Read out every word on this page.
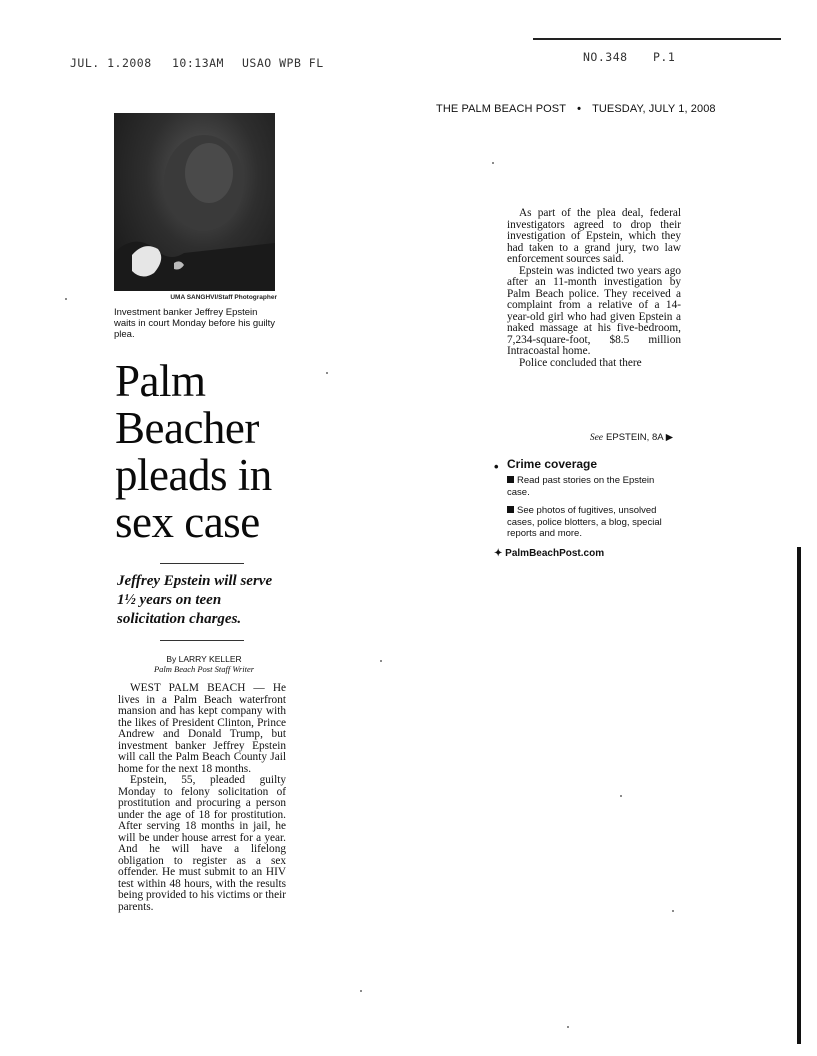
JUL. 1.2008 10:13AM USAO WPB FL	NO.348 P.1
THE PALM BEACH POST • TUESDAY, JULY 1, 2008
UMA SANGHVI/Staff Photographer
Investment banker Jeffrey Epstein waits in court Monday before his guilty plea.
Palm
Beacher
pleads in
sex case
Jeffrey Epstein will serve 1½ years on teen solicitation charges.
By LARRY KELLER
Palm Beach Post Staff Writer

WEST PALM BEACH — He lives in a Palm Beach waterfront mansion and has kept company with the likes of President Clinton, Prince Andrew and Donald Trump, but investment banker Jeffrey Epstein will call the Palm Beach County Jail home for the next 18 months.

Epstein, 55, pleaded guilty Monday to felony solicitation of prostitution and procuring a person under the age of 18 for prostitution. After serving 18 months in jail, he will be under house arrest for a year. And he will have a lifelong obligation to register as a sex offender. He must submit to an HIV test within 48 hours, with the results being provided to his victims or their parents.

As part of the plea deal, federal investigators agreed to drop their investigation of Epstein, which they had taken to a grand jury, two law enforcement sources said.

Epstein was indicted two years ago after an 11-month investigation by Palm Beach police. They received a complaint from a relative of a 14-year-old girl who had given Epstein a naked massage at his five-bedroom, 7,234-square-foot, $8.5 million Intracoastal home.

Police concluded that there

See EPSTEIN, 8A ▶
• Crime coverage
Read past stories on the Epstein case.
See photos of fugitives, unsolved cases, police blotters, a blog, special reports and more.
✦ PalmBeachPost.com
